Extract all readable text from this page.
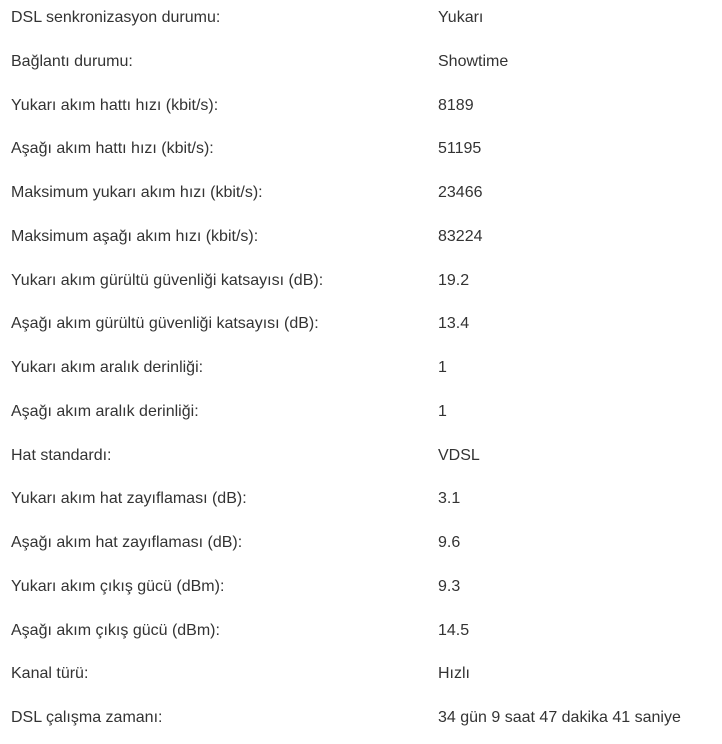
DSL senkronizasyon durumu:	Yukarı
Bağlantı durumu:	Showtime
Yukarı akım hattı hızı (kbit/s):	8189
Aşağı akım hattı hızı (kbit/s):	51195
Maksimum yukarı akım hızı (kbit/s):	23466
Maksimum aşağı akım hızı (kbit/s):	83224
Yukarı akım gürültü güvenliği katsayısı (dB):	19.2
Aşağı akım gürültü güvenliği katsayısı (dB):	13.4
Yukarı akım aralık derinliği:	1
Aşağı akım aralık derinliği:	1
Hat standardı:	VDSL
Yukarı akım hat zayıflaması (dB):	3.1
Aşağı akım hat zayıflaması (dB):	9.6
Yukarı akım çıkış gücü (dBm):	9.3
Aşağı akım çıkış gücü (dBm):	14.5
Kanal türü:	Hızlı
DSL çalışma zamanı:	34 gün 9 saat 47 dakika 41 saniye
